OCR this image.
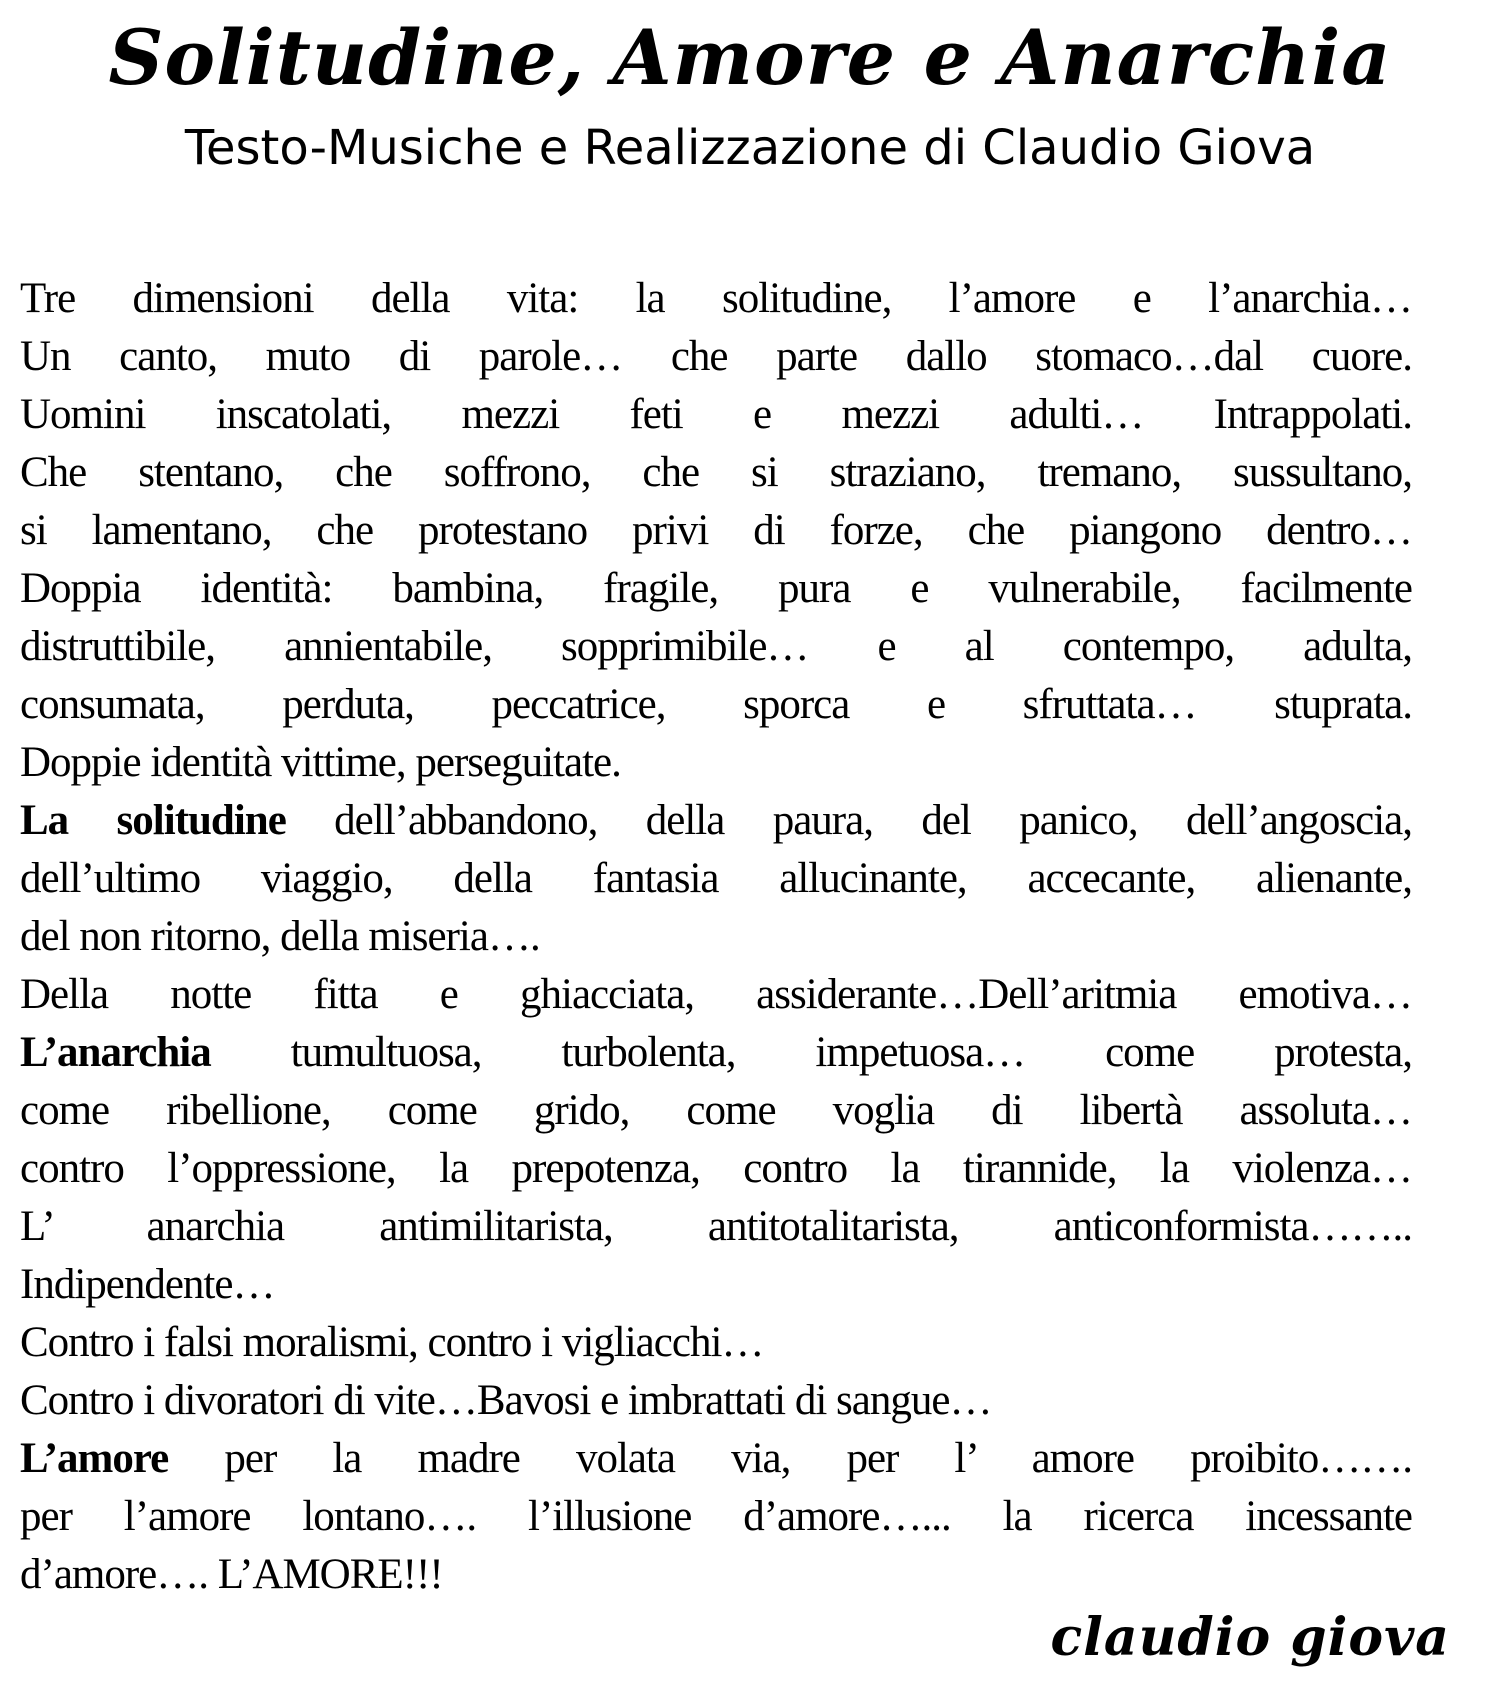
Solitudine, Amore e Anarchia
Testo-Musiche e Realizzazione di Claudio Giova
Tre dimensioni della vita: la solitudine, l’amore e l’anarchia…
Un canto, muto di parole… che parte dallo stomaco…dal cuore.
Uomini inscatolati, mezzi feti e mezzi adulti… Intrappolati.
Che stentano, che soffrono, che si straziano, tremano, sussultano,
si lamentano, che protestano privi di forze, che piangono dentro…
Doppia identità: bambina, fragile, pura e vulnerabile, facilmente
distruttibile, annientabile, sopprimibile… e al contempo, adulta,
consumata, perduta, peccatrice, sporca e sfruttata… stuprata.
Doppie identità vittime, perseguitate.
La solitudine dell’abbandono, della paura, del panico, dell’angoscia,
dell’ultimo viaggio, della fantasia allucinante, accecante, alienante,
del non ritorno, della miseria….
Della notte fitta e ghiacciata, assiderante…Dell’aritmia emotiva…
L’anarchia tumultuosa, turbolenta, impetuosa… come protesta,
come ribellione, come grido, come voglia di libertà assoluta…
contro l’oppressione, la prepotenza, contro la tirannide, la violenza…
L’ anarchia antimilitarista, antitotalitarista, anticonformista……..
Indipendente…
Contro i falsi moralismi, contro i vigliacchi…
Contro i divoratori di vite…Bavosi e imbrattati di sangue…
L’amore per la madre volata via, per l’ amore proibito…….
per l’amore lontano…. l’illusione d’amore…... la ricerca incessante
d’amore…. L’AMORE!!!
claudio giova
